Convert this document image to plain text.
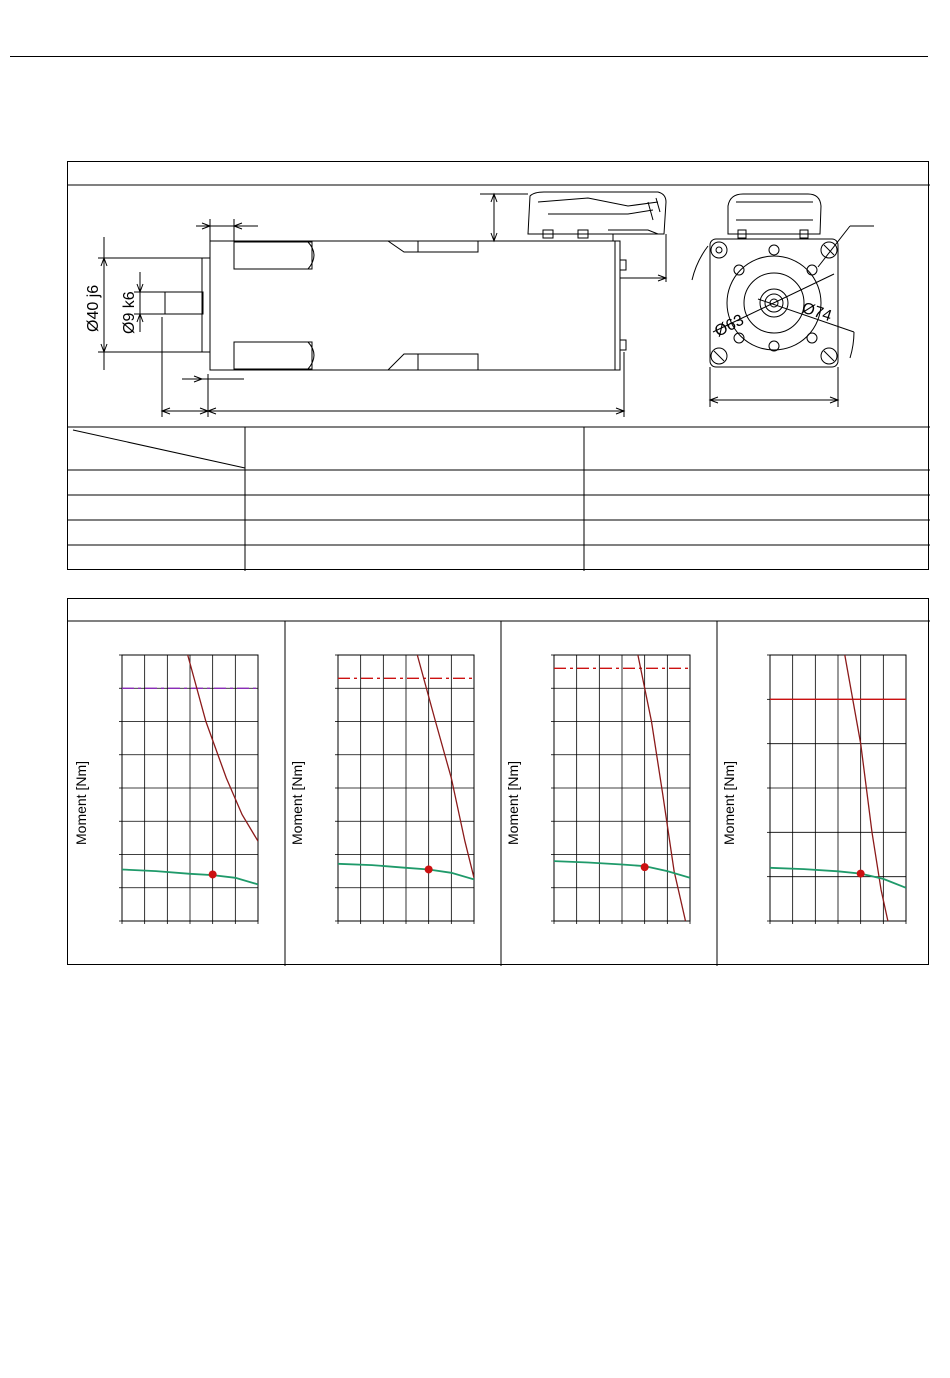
Ø40 j6 Ø9 k6	Ø63	Ø74
Moment [Nm]	Moment [Nm]	Moment [Nm]	Moment [Nm]
